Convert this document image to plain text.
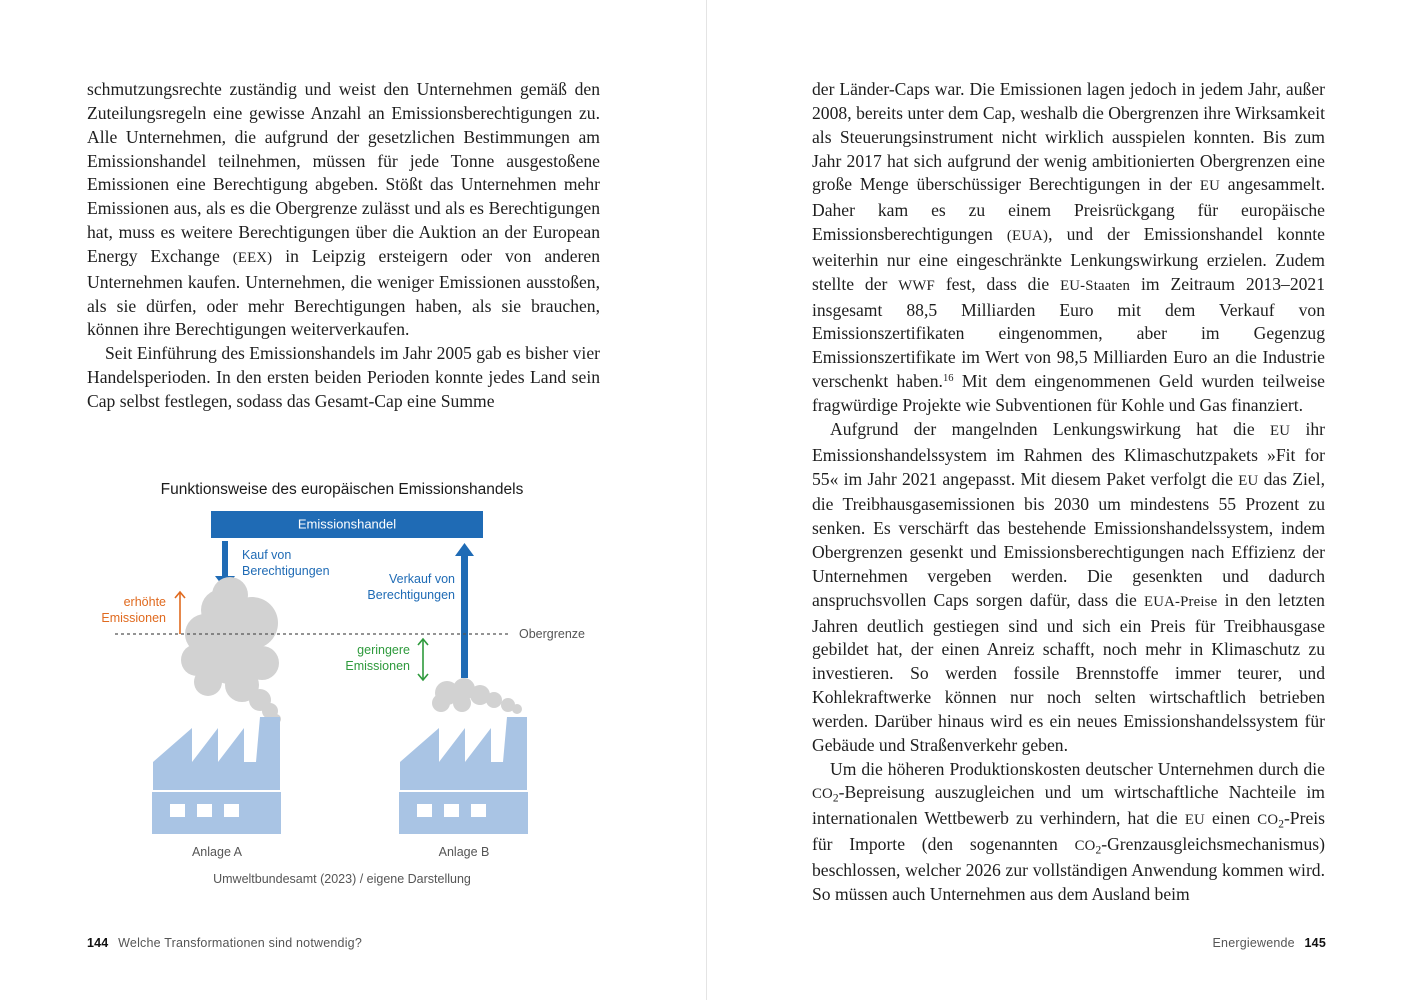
schmutzungsrechte zuständig und weist den Unternehmen gemäß den Zuteilungsregeln eine gewisse Anzahl an Emissionsberechtigungen zu. Alle Unternehmen, die aufgrund der gesetzlichen Bestimmungen am Emissionshandel teilnehmen, müssen für jede Tonne ausgestoßene Emissionen eine Berechtigung abgeben. Stößt das Unternehmen mehr Emissionen aus, als es die Obergrenze zulässt und als es Berechtigungen hat, muss es weitere Berechtigungen über die Auktion an der European Energy Exchange (EEX) in Leipzig ersteigern oder von anderen Unternehmen kaufen. Unternehmen, die weniger Emissionen ausstoßen, als sie dürfen, oder mehr Berechtigungen haben, als sie brauchen, können ihre Berechtigungen weiterverkaufen.

Seit Einführung des Emissionshandels im Jahr 2005 gab es bisher vier Handelsperioden. In den ersten beiden Perioden konnte jedes Land sein Cap selbst festlegen, sodass das Gesamt-Cap eine Summe

Funktionsweise des europäischen Emissionshandels
Emissionshandel
Kauf von
Berechtigungen
Verkauf von
Berechtigungen
erhöhte
Emissionen
Obergrenze
geringere
Emissionen
Anlage A	Anlage B
Umweltbundesamt (2023) / eigene Darstellung

der Länder-Caps war. Die Emissionen lagen jedoch in jedem Jahr, außer 2008, bereits unter dem Cap, weshalb die Obergrenzen ihre Wirksamkeit als Steuerungsinstrument nicht wirklich ausspielen konnten. Bis zum Jahr 2017 hat sich aufgrund der wenig ambitionierten Obergrenzen eine große Menge überschüssiger Berechtigungen in der EU angesammelt. Daher kam es zu einem Preisrückgang für europäische Emissionsberechtigungen (EUA), und der Emissionshandel konnte weiterhin nur eine eingeschränkte Lenkungswirkung erzielen. Zudem stellte der WWF fest, dass die EU-Staaten im Zeitraum 2013–2021 insgesamt 88,5 Milliarden Euro mit dem Verkauf von Emissionszertifikaten eingenommen, aber im Gegenzug Emissionszertifikate im Wert von 98,5 Milliarden Euro an die Industrie verschenkt haben.$^{16}$ Mit dem eingenommenen Geld wurden teilweise fragwürdige Projekte wie Subventionen für Kohle und Gas finanziert.

Aufgrund der mangelnden Lenkungswirkung hat die EU ihr Emissionshandelssystem im Rahmen des Klimaschutzpakets »Fit for 55« im Jahr 2021 angepasst. Mit diesem Paket verfolgt die EU das Ziel, die Treibhausgasemissionen bis 2030 um mindestens 55 Prozent zu senken. Es verschärft das bestehende Emissionshandelssystem, indem Obergrenzen gesenkt und Emissionsberechtigungen nach Effizienz der Unternehmen vergeben werden. Die gesenkten und dadurch anspruchsvollen Caps sorgen dafür, dass die EUA-Preise in den letzten Jahren deutlich gestiegen sind und sich ein Preis für Treibhausgase gebildet hat, der einen Anreiz schafft, noch mehr in Klimaschutz zu investieren. So werden fossile Brennstoffe immer teurer, und Kohlekraftwerke können nur noch selten wirtschaftlich betrieben werden. Darüber hinaus wird es ein neues Emissionshandelssystem für Gebäude und Straßenverkehr geben.

Um die höheren Produktionskosten deutscher Unternehmen durch die $CO_2$-Bepreisung auszugleichen und um wirtschaftliche Nachteile im internationalen Wettbewerb zu verhindern, hat die EU einen $CO_2$-Preis für Importe (den sogenannten $CO_2-Grenzausgleichsmechanismus$) beschlossen, welcher 2026 zur vollständigen Anwendung kommen wird. So müssen auch Unternehmen aus dem Ausland beim

144 Welche Transformationen sind notwendig?	Energiewende 145
